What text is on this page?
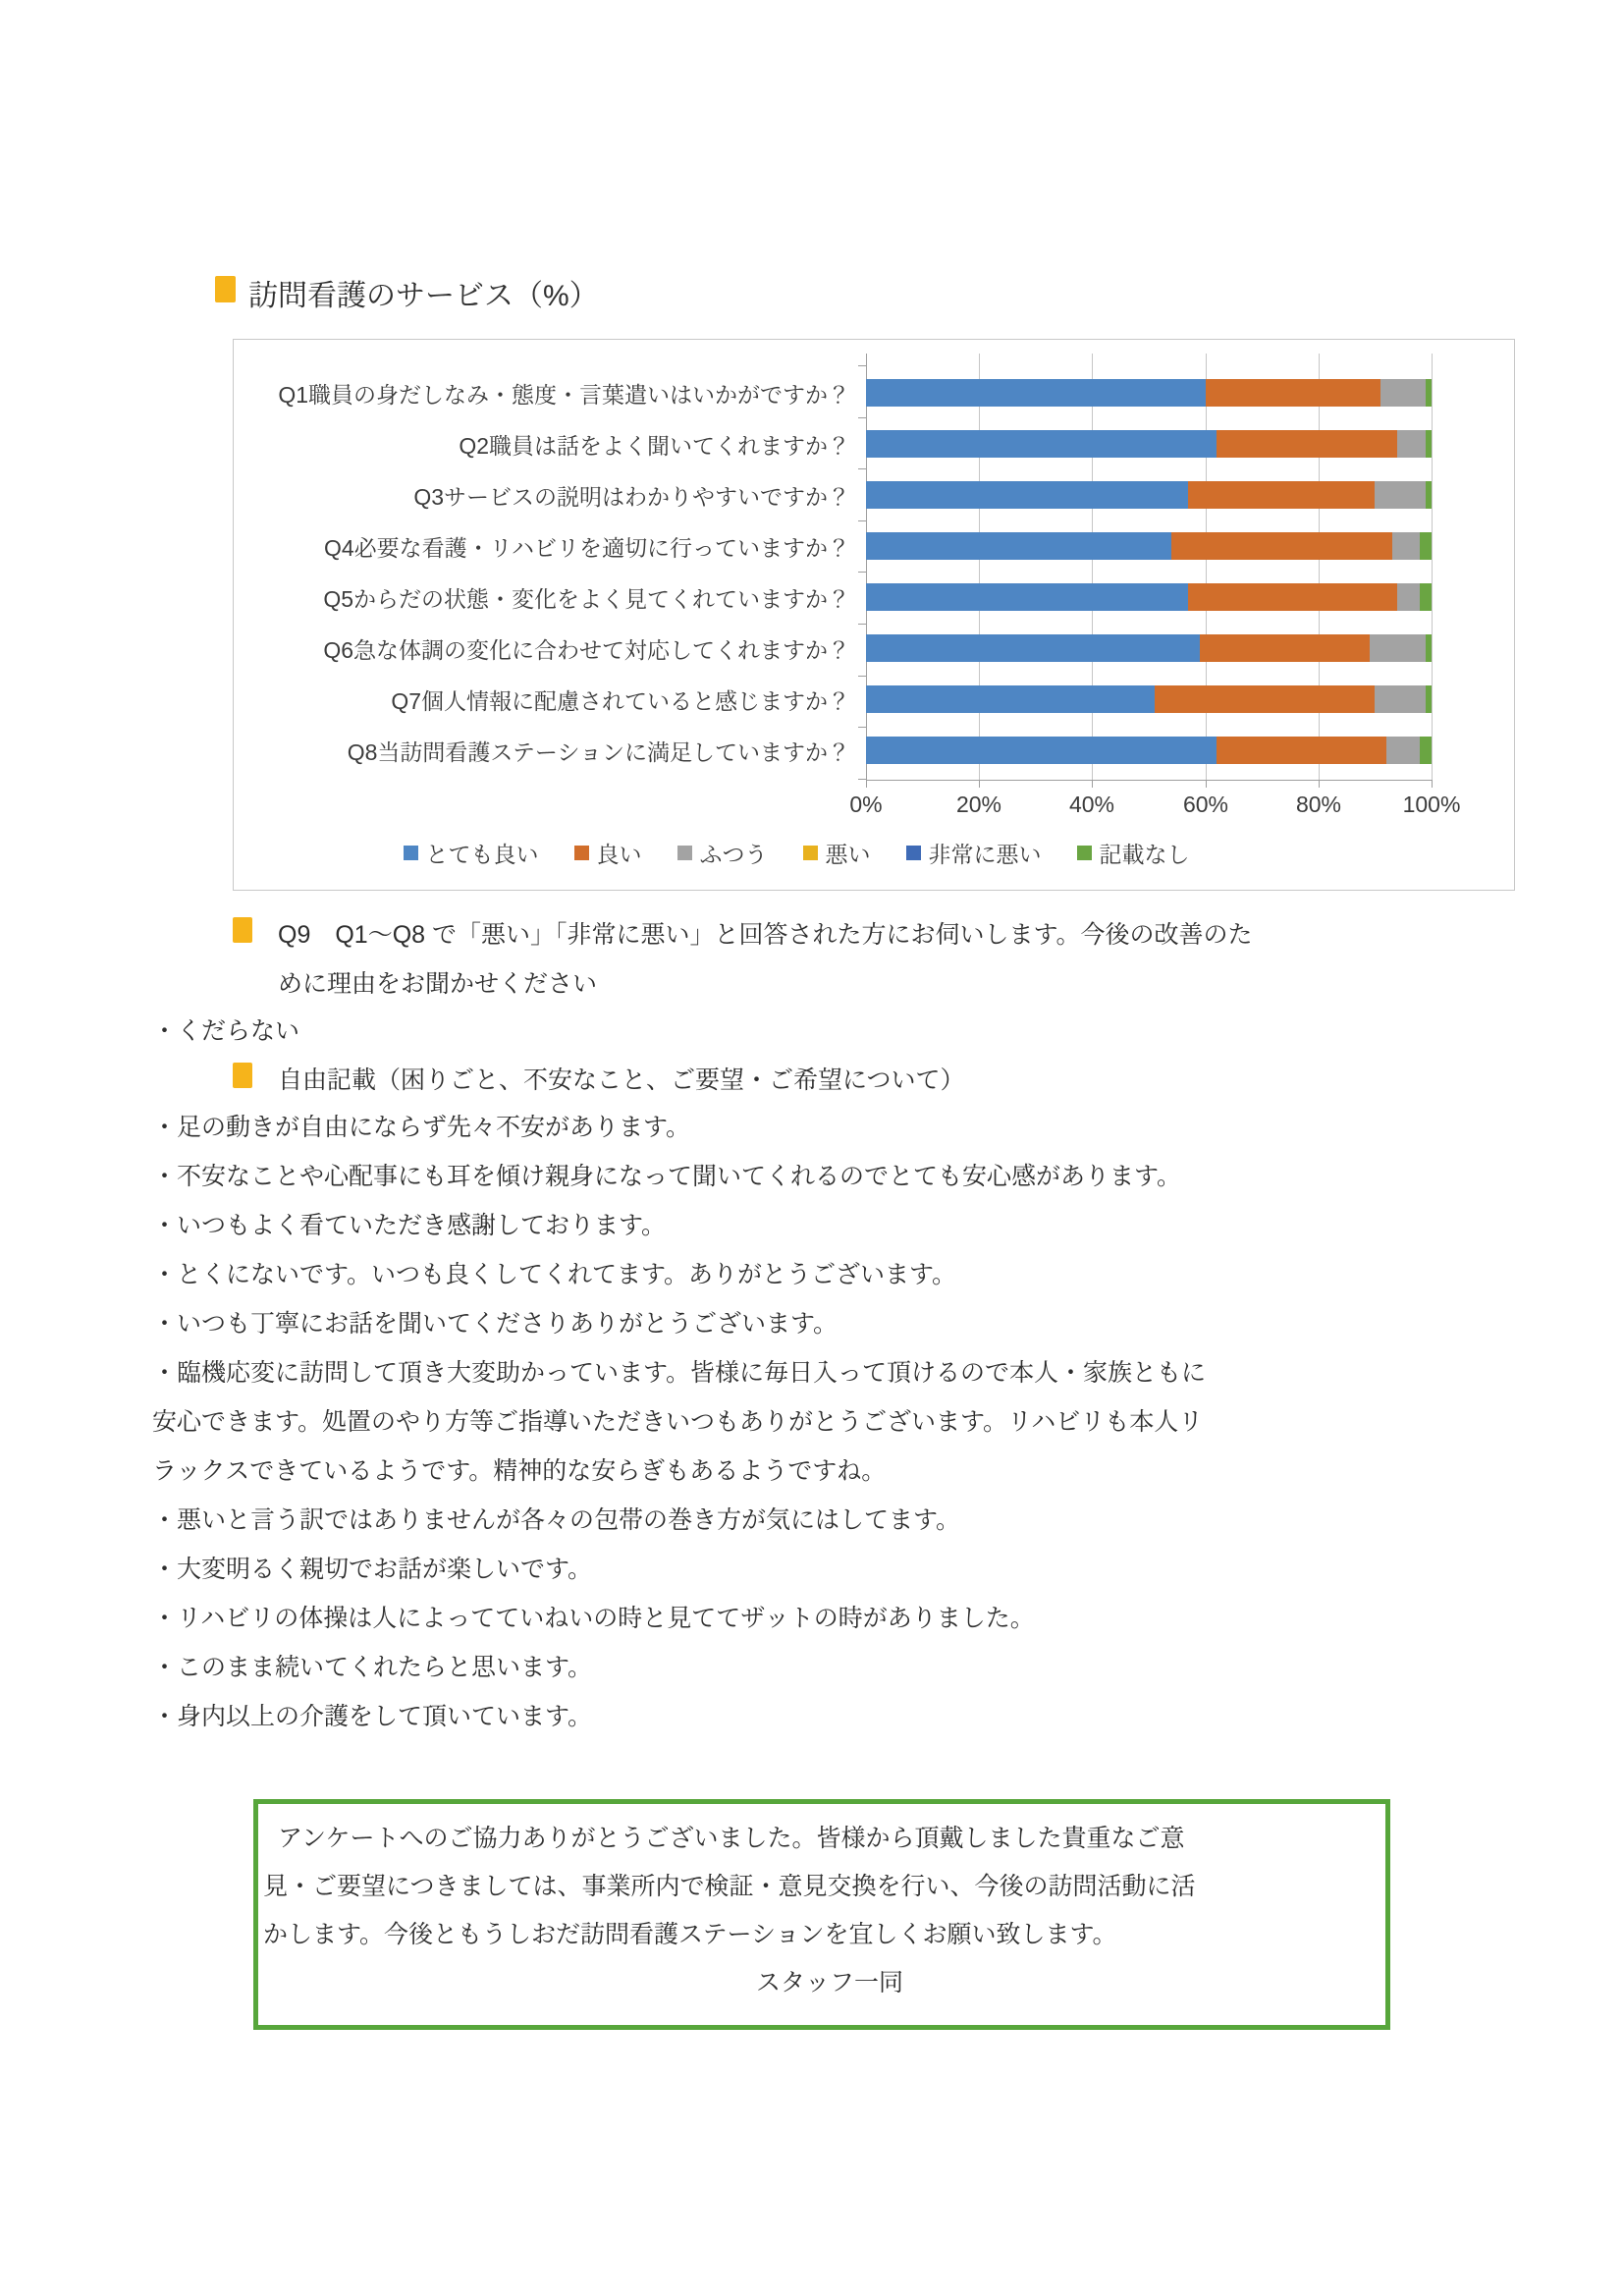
訪問看護のサービス（%）
Q1職員の身だしなみ・態度・言葉遣いはいかがですか？
Q2職員は話をよく聞いてくれますか？
Q3サービスの説明はわかりやすいですか？
Q4必要な看護・リハビリを適切に行っていますか？
Q5からだの状態・変化をよく見てくれていますか？
Q6急な体調の変化に合わせて対応してくれますか？
Q7個人情報に配慮されていると感じますか？
Q8当訪問看護ステーションに満足していますか？
0%	20%	40%	60%	80%	100%
とても良い	良い	ふつう	悪い	非常に悪い	記載なし
Q9　Q1～Q8 で「悪い」「非常に悪い」と回答された方にお伺いします。今後の改善のた
めに理由をお聞かせください
・くだらない
自由記載（困りごと、不安なこと、ご要望・ご希望について）
・足の動きが自由にならず先々不安があります。
・不安なことや心配事にも耳を傾け親身になって聞いてくれるのでとても安心感があります。
・いつもよく看ていただき感謝しております。
・とくにないです。いつも良くしてくれてます。ありがとうございます。
・いつも丁寧にお話を聞いてくださりありがとうございます。
・臨機応変に訪問して頂き大変助かっています。皆様に毎日入って頂けるので本人・家族ともに
安心できます。処置のやり方等ご指導いただきいつもありがとうございます。リハビリも本人リ
ラックスできているようです。精神的な安らぎもあるようですね。
・悪いと言う訳ではありませんが各々の包帯の巻き方が気にはしてます。
・大変明るく親切でお話が楽しいです。
・リハビリの体操は人によってていねいの時と見ててザットの時がありました。
・このまま続いてくれたらと思います。
・身内以上の介護をして頂いています。
アンケートへのご協力ありがとうございました。皆様から頂戴しました貴重なご意
見・ご要望につきましては、事業所内で検証・意見交換を行い、今後の訪問活動に活
かします。今後ともうしおだ訪問看護ステーションを宜しくお願い致します。
スタッフ一同
